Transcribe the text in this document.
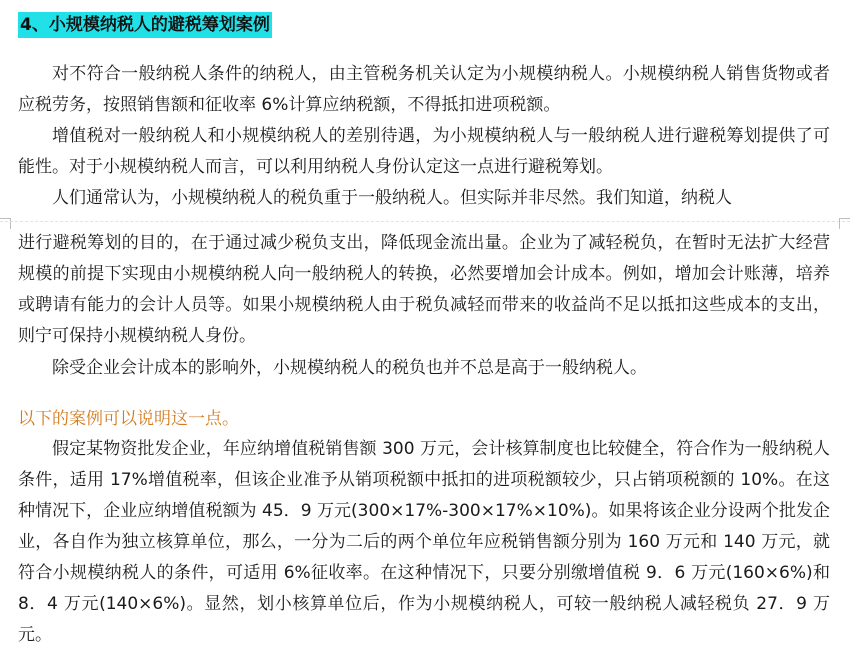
4、小规模纳税人的避税筹划案例

对不符合一般纳税人条件的纳税人，由主管税务机关认定为小规模纳税人。小规模纳税人销售货物或者应税劳务，按照销售额和征收率 6%计算应纳税额，不得抵扣进项税额。

增值税对一般纳税人和小规模纳税人的差别待遇，为小规模纳税人与一般纳税人进行避税筹划提供了可能性。对于小规模纳税人而言，可以利用纳税人身份认定这一点进行避税筹划。

人们通常认为，小规模纳税人的税负重于一般纳税人。但实际并非尽然。我们知道，纳税人

进行避税筹划的目的，在于通过减少税负支出，降低现金流出量。企业为了减轻税负，在暂时无法扩大经营规模的前提下实现由小规模纳税人向一般纳税人的转换，必然要增加会计成本。例如，增加会计账薄，培养或聘请有能力的会计人员等。如果小规模纳税人由于税负减轻而带来的收益尚不足以抵扣这些成本的支出，则宁可保持小规模纳税人身份。

除受企业会计成本的影响外，小规模纳税人的税负也并不总是高于一般纳税人。

以下的案例可以说明这一点。

假定某物资批发企业，年应纳增值税销售额 300 万元，会计核算制度也比较健全，符合作为一般纳税人条件，适用 17%增值税率，但该企业准予从销项税额中抵扣的进项税额较少，只占销项税额的 10%。在这种情况下，企业应纳增值税额为 45．9 万元(300×17%-300×17%×10%)。如果将该企业分设两个批发企业，各自作为独立核算单位，那么，一分为二后的两个单位年应税销售额分别为 160 万元和 140 万元，就符合小规模纳税人的条件，可适用 6%征收率。在这种情况下，只要分别缴增值税 9．6 万元(160×6%)和 8．4 万元(140×6%)。显然，划小核算单位后，作为小规模纳税人，可较一般纳税人减轻税负 27．9 万元。
